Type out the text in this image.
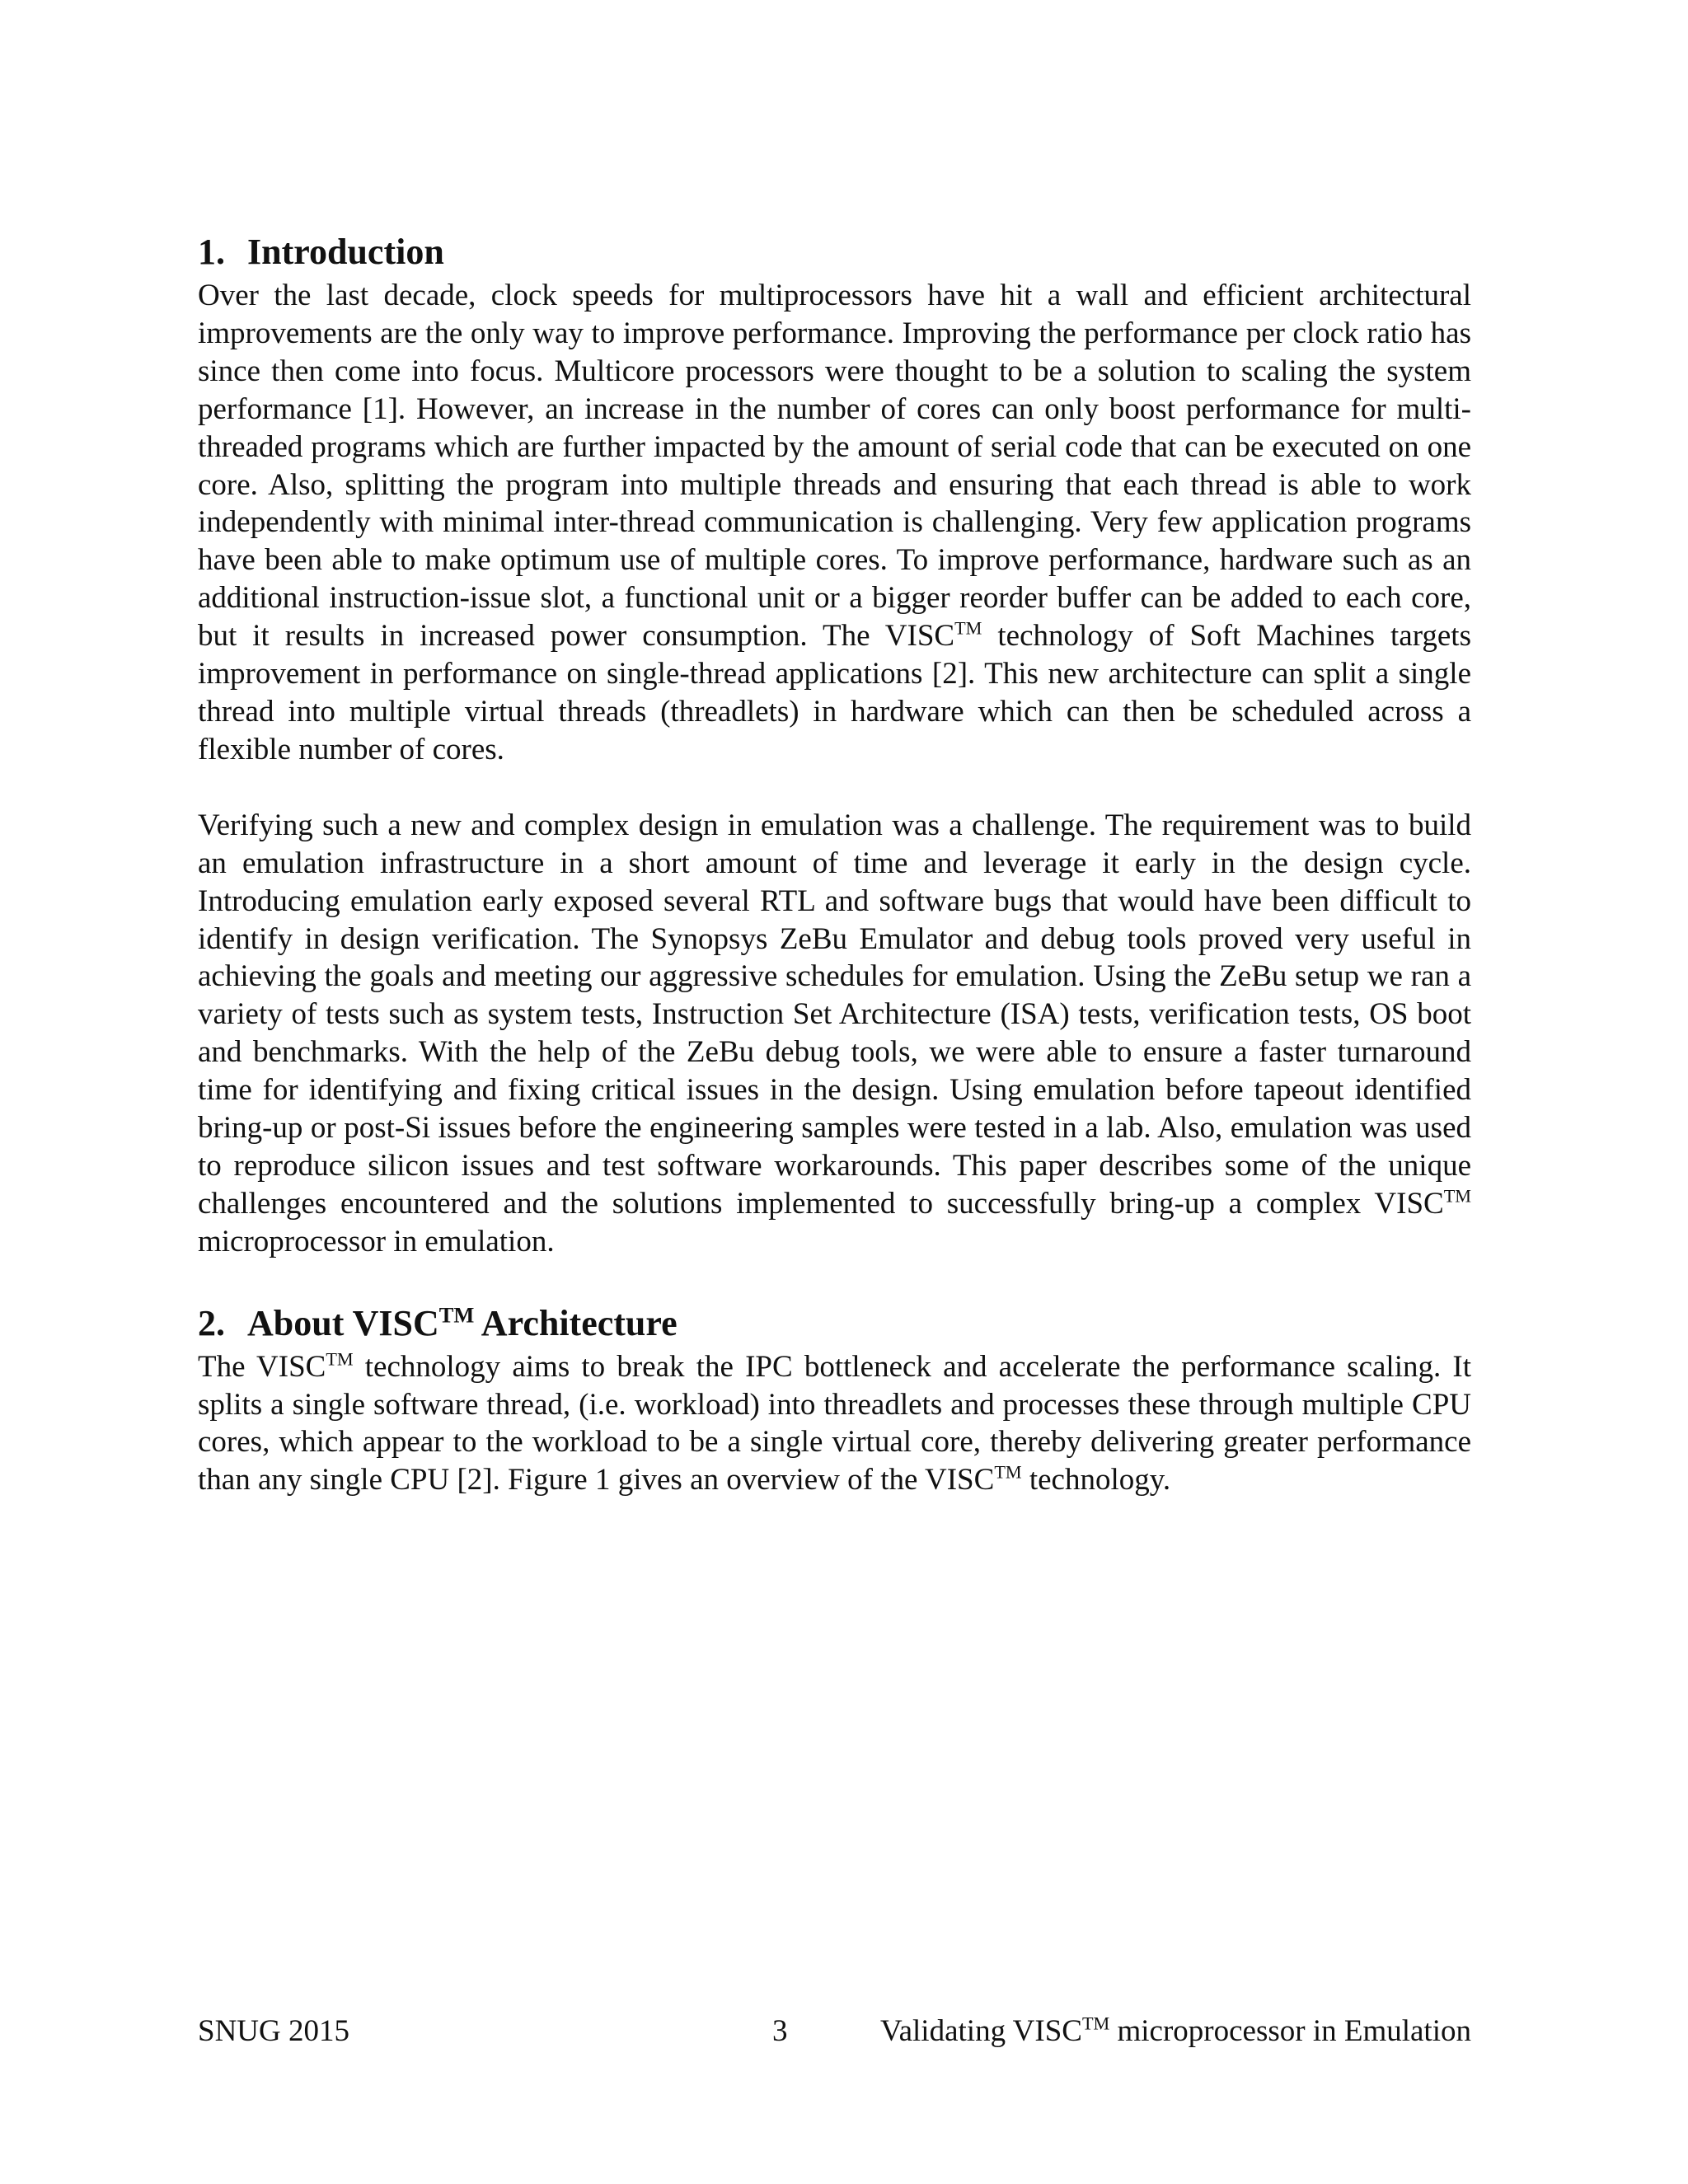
1. Introduction

Over the last decade, clock speeds for multiprocessors have hit a wall and efficient architectural improvements are the only way to improve performance. Improving the performance per clock ratio has since then come into focus. Multicore processors were thought to be a solution to scaling the system performance [1]. However, an increase in the number of cores can only boost performance for multi-threaded programs which are further impacted by the amount of serial code that can be executed on one core. Also, splitting the program into multiple threads and ensuring that each thread is able to work independently with minimal inter-thread communication is challenging. Very few application programs have been able to make optimum use of multiple cores. To improve performance, hardware such as an additional instruction-issue slot, a functional unit or a bigger reorder buffer can be added to each core, but it results in increased power consumption. The VISC™ technology of Soft Machines targets improvement in performance on single-thread applications [2]. This new architecture can split a single thread into multiple virtual threads (threadlets) in hardware which can then be scheduled across a flexible number of cores.

Verifying such a new and complex design in emulation was a challenge. The requirement was to build an emulation infrastructure in a short amount of time and leverage it early in the design cycle. Introducing emulation early exposed several RTL and software bugs that would have been difficult to identify in design verification. The Synopsys ZeBu Emulator and debug tools proved very useful in achieving the goals and meeting our aggressive schedules for emulation. Using the ZeBu setup we ran a variety of tests such as system tests, Instruction Set Architecture (ISA) tests, verification tests, OS boot and benchmarks. With the help of the ZeBu debug tools, we were able to ensure a faster turnaround time for identifying and fixing critical issues in the design. Using emulation before tapeout identified bring-up or post-Si issues before the engineering samples were tested in a lab. Also, emulation was used to reproduce silicon issues and test software workarounds. This paper describes some of the unique challenges encountered and the solutions implemented to successfully bring-up a complex VISC™ microprocessor in emulation.

2. About VISC™ Architecture

The VISC™ technology aims to break the IPC bottleneck and accelerate the performance scaling. It splits a single software thread, (i.e. workload) into threadlets and processes these through multiple CPU cores, which appear to the workload to be a single virtual core, thereby delivering greater performance than any single CPU [2]. Figure 1 gives an overview of the VISC™ technology.

SNUG 2015	3	Validating VISC™ microprocessor in Emulation
